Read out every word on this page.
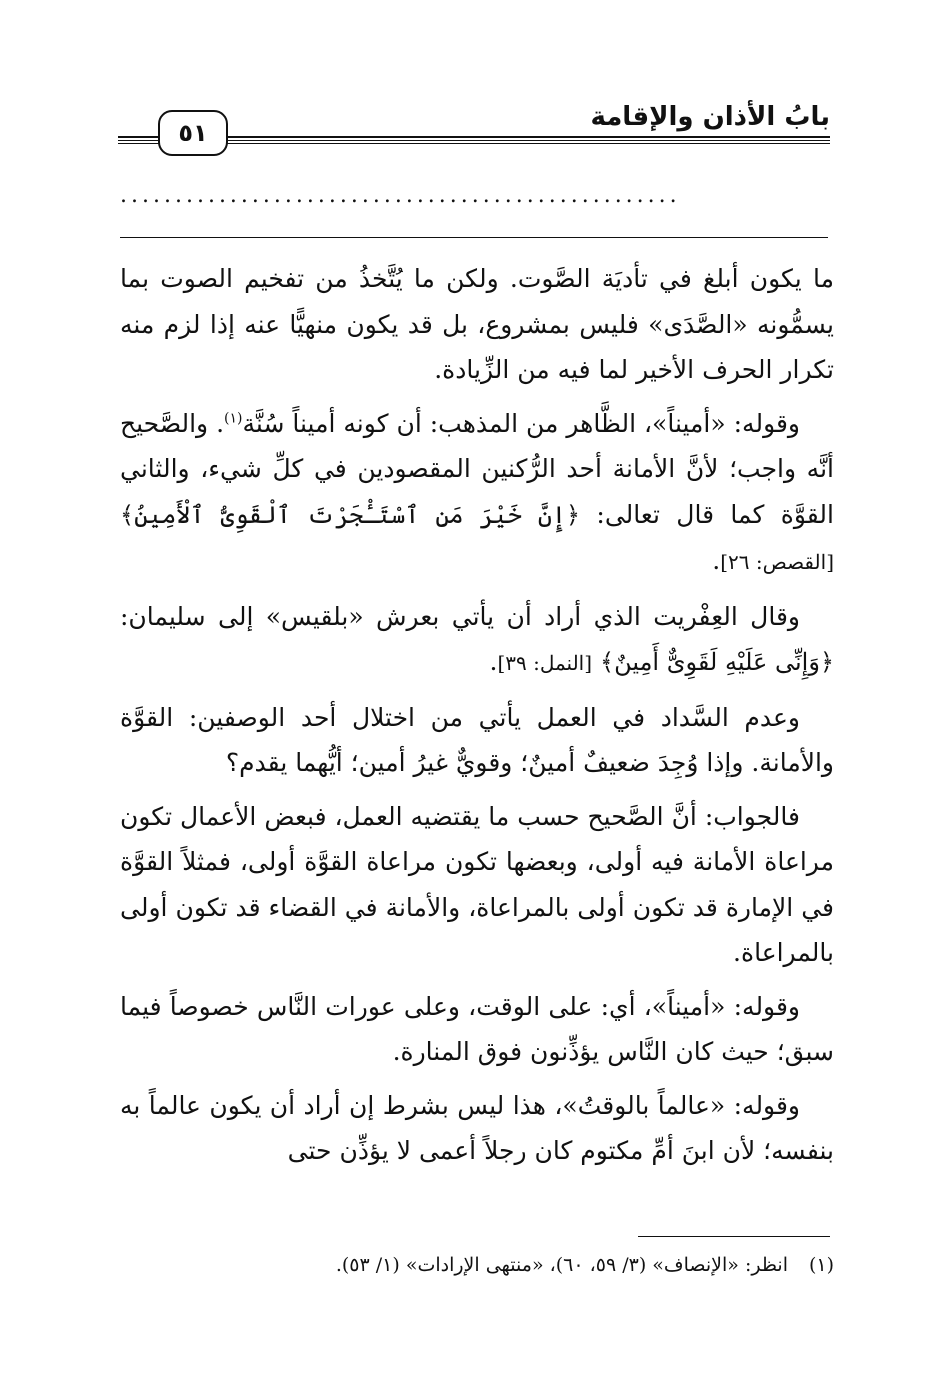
بابُ الأذان والإقامة
٥١
...................................................

ما يكون أبلغ في تأديَة الصَّوت. ولكن ما يُتَّخذُ من تفخيم الصوت بما يسمُّونه «الصَّدَى» فليس بمشروع، بل قد يكون منهيًّا عنه إذا لزم منه تكرار الحرف الأخير لما فيه من الزِّيادة.

وقوله: «أميناً»، الظَّاهر من المذهب: أن كونه أميناً سُنَّة$^{(١)}$. والصَّحيح أنَّه واجب؛ لأنَّ الأمانة أحد الرُّكنين المقصودين في كلِّ شيء، والثاني القوَّة كما قال تعالى: ﴿إِنَّ خَيْرَ مَنِ ٱسْتَـْٔجَرْتَ ٱلْقَوِىُّ ٱلْأَمِينُ﴾ [القصص: ٢٦].

وقال العِفْريت الذي أراد أن يأتي بعرش «بلقيس» إلى سليمان: ﴿وَإِنِّى عَلَيْهِ لَقَوِىٌّ أَمِينٌ﴾ [النمل: ٣٩].

وعدم السَّداد في العمل يأتي من اختلال أحد الوصفين: القوَّة والأمانة. وإذا وُجِدَ ضعيفٌ أمينٌ؛ وقويٌّ غيرُ أمين؛ أيُّهما يقدم؟

فالجواب: أنَّ الصَّحيح حسب ما يقتضيه العمل، فبعض الأعمال تكون مراعاة الأمانة فيه أولى، وبعضها تكون مراعاة القوَّة أولى، فمثلاً القوَّة في الإمارة قد تكون أولى بالمراعاة، والأمانة في القضاء قد تكون أولى بالمراعاة.

وقوله: «أميناً»، أي: على الوقت، وعلى عورات النَّاس خصوصاً فيما سبق؛ حيث كان النَّاس يؤذِّنون فوق المنارة.

وقوله: «عالماً بالوقتُ»، هذا ليس بشرط إن أراد أن يكون عالماً به بنفسه؛ لأن ابنَ أمِّ مكتوم كان رجلاً أعمى لا يؤذِّن حتى

(١)انظر: «الإنصاف» (٣/ ٥٩، ٦٠)، «منتهى الإرادات» (١/ ٥٣).
